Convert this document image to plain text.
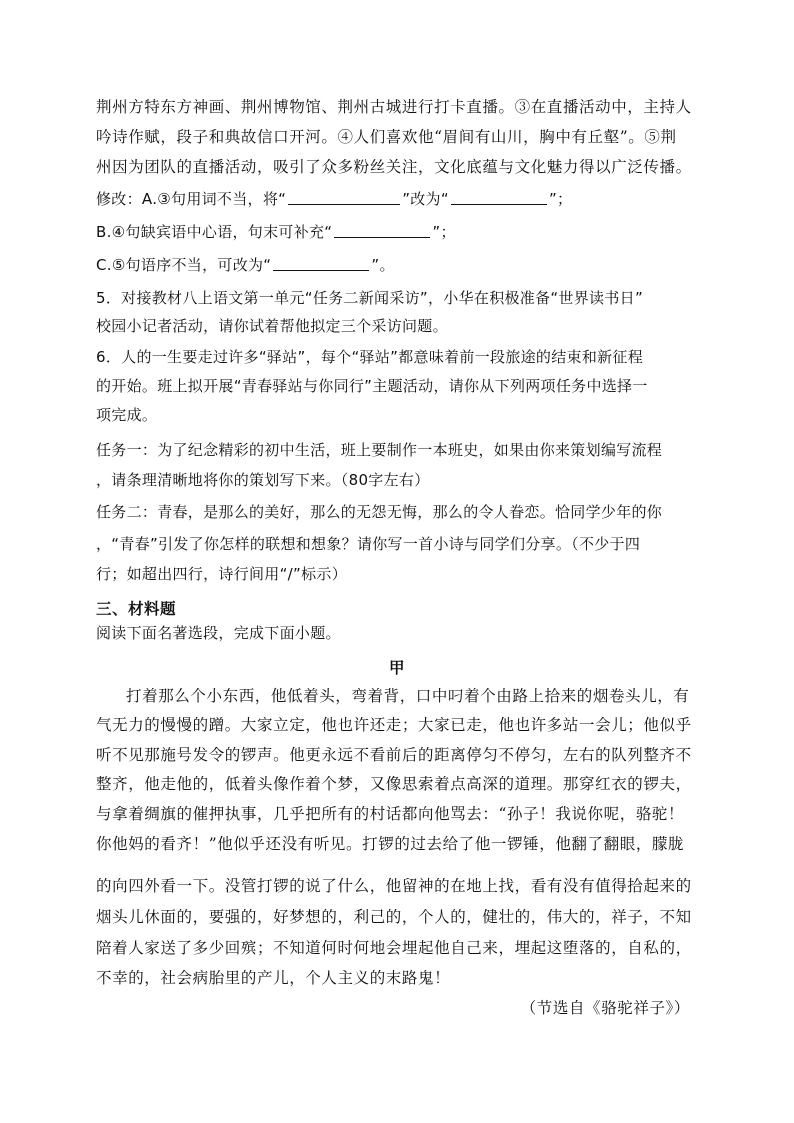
荆州方特东方神画、荆州博物馆、荆州古城进行打卡直播。③在直播活动中，主持人
吟诗作赋，段子和典故信口开河。④人们喜欢他“眉间有山川，胸中有丘壑”。⑤荆
州因为团队的直播活动，吸引了众多粉丝关注，文化底蕴与文化魅力得以广泛传播。
修改：A.③句用词不当，将“	”改为“	”；
B.④句缺宾语中心语，句末可补充“	”；
C.⑤句语序不当，可改为“	”。
5．对接教材八上语文第一单元“任务二新闻采访”，小华在积极准备“世界读书日”
校园小记者活动，请你试着帮他拟定三个采访问题。
6．人的一生要走过许多“驿站”，每个“驿站”都意味着前一段旅途的结束和新征程
的开始。班上拟开展“青春驿站与你同行”主题活动，请你从下列两项任务中选择一
项完成。
任务一：为了纪念精彩的初中生活，班上要制作一本班史，如果由你来策划编写流程
，请条理清晰地将你的策划写下来。（80字左右）
任务二：青春，是那么的美好，那么的无怨无悔，那么的令人眷恋。恰同学少年的你
，“青春”引发了你怎样的联想和想象？请你写一首小诗与同学们分享。（不少于四
行；如超出四行，诗行间用“/”标示）
三、材料题
阅读下面名著选段，完成下面小题。
甲
打着那么个小东西，他低着头，弯着背，口中叼着个由路上拾来的烟卷头儿，有
气无力的慢慢的蹭。大家立定，他也许还走；大家已走，他也许多站一会儿；他似乎
听不见那施号发令的锣声。他更永远不看前后的距离停匀不停匀，左右的队列整齐不
整齐，他走他的，低着头像作着个梦，又像思索着点高深的道理。那穿红衣的锣夫，
与拿着绸旗的催押执事，几乎把所有的村话都向他骂去：“孙子！我说你呢，骆驼！
你他妈的看齐！”他似乎还没有听见。打锣的过去给了他一锣锤，他翻了翻眼，朦胧
的向四外看一下。没管打锣的说了什么，他留神的在地上找，看有没有值得拾起来的
烟头儿休面的，要强的，好梦想的，利己的，个人的，健壮的，伟大的，祥子，不知
陪着人家送了多少回殡；不知道何时何地会埋起他自己来，埋起这堕落的，自私的，
不幸的，社会病胎里的产儿，个人主义的末路鬼！
（节选自《骆驼祥子》）
